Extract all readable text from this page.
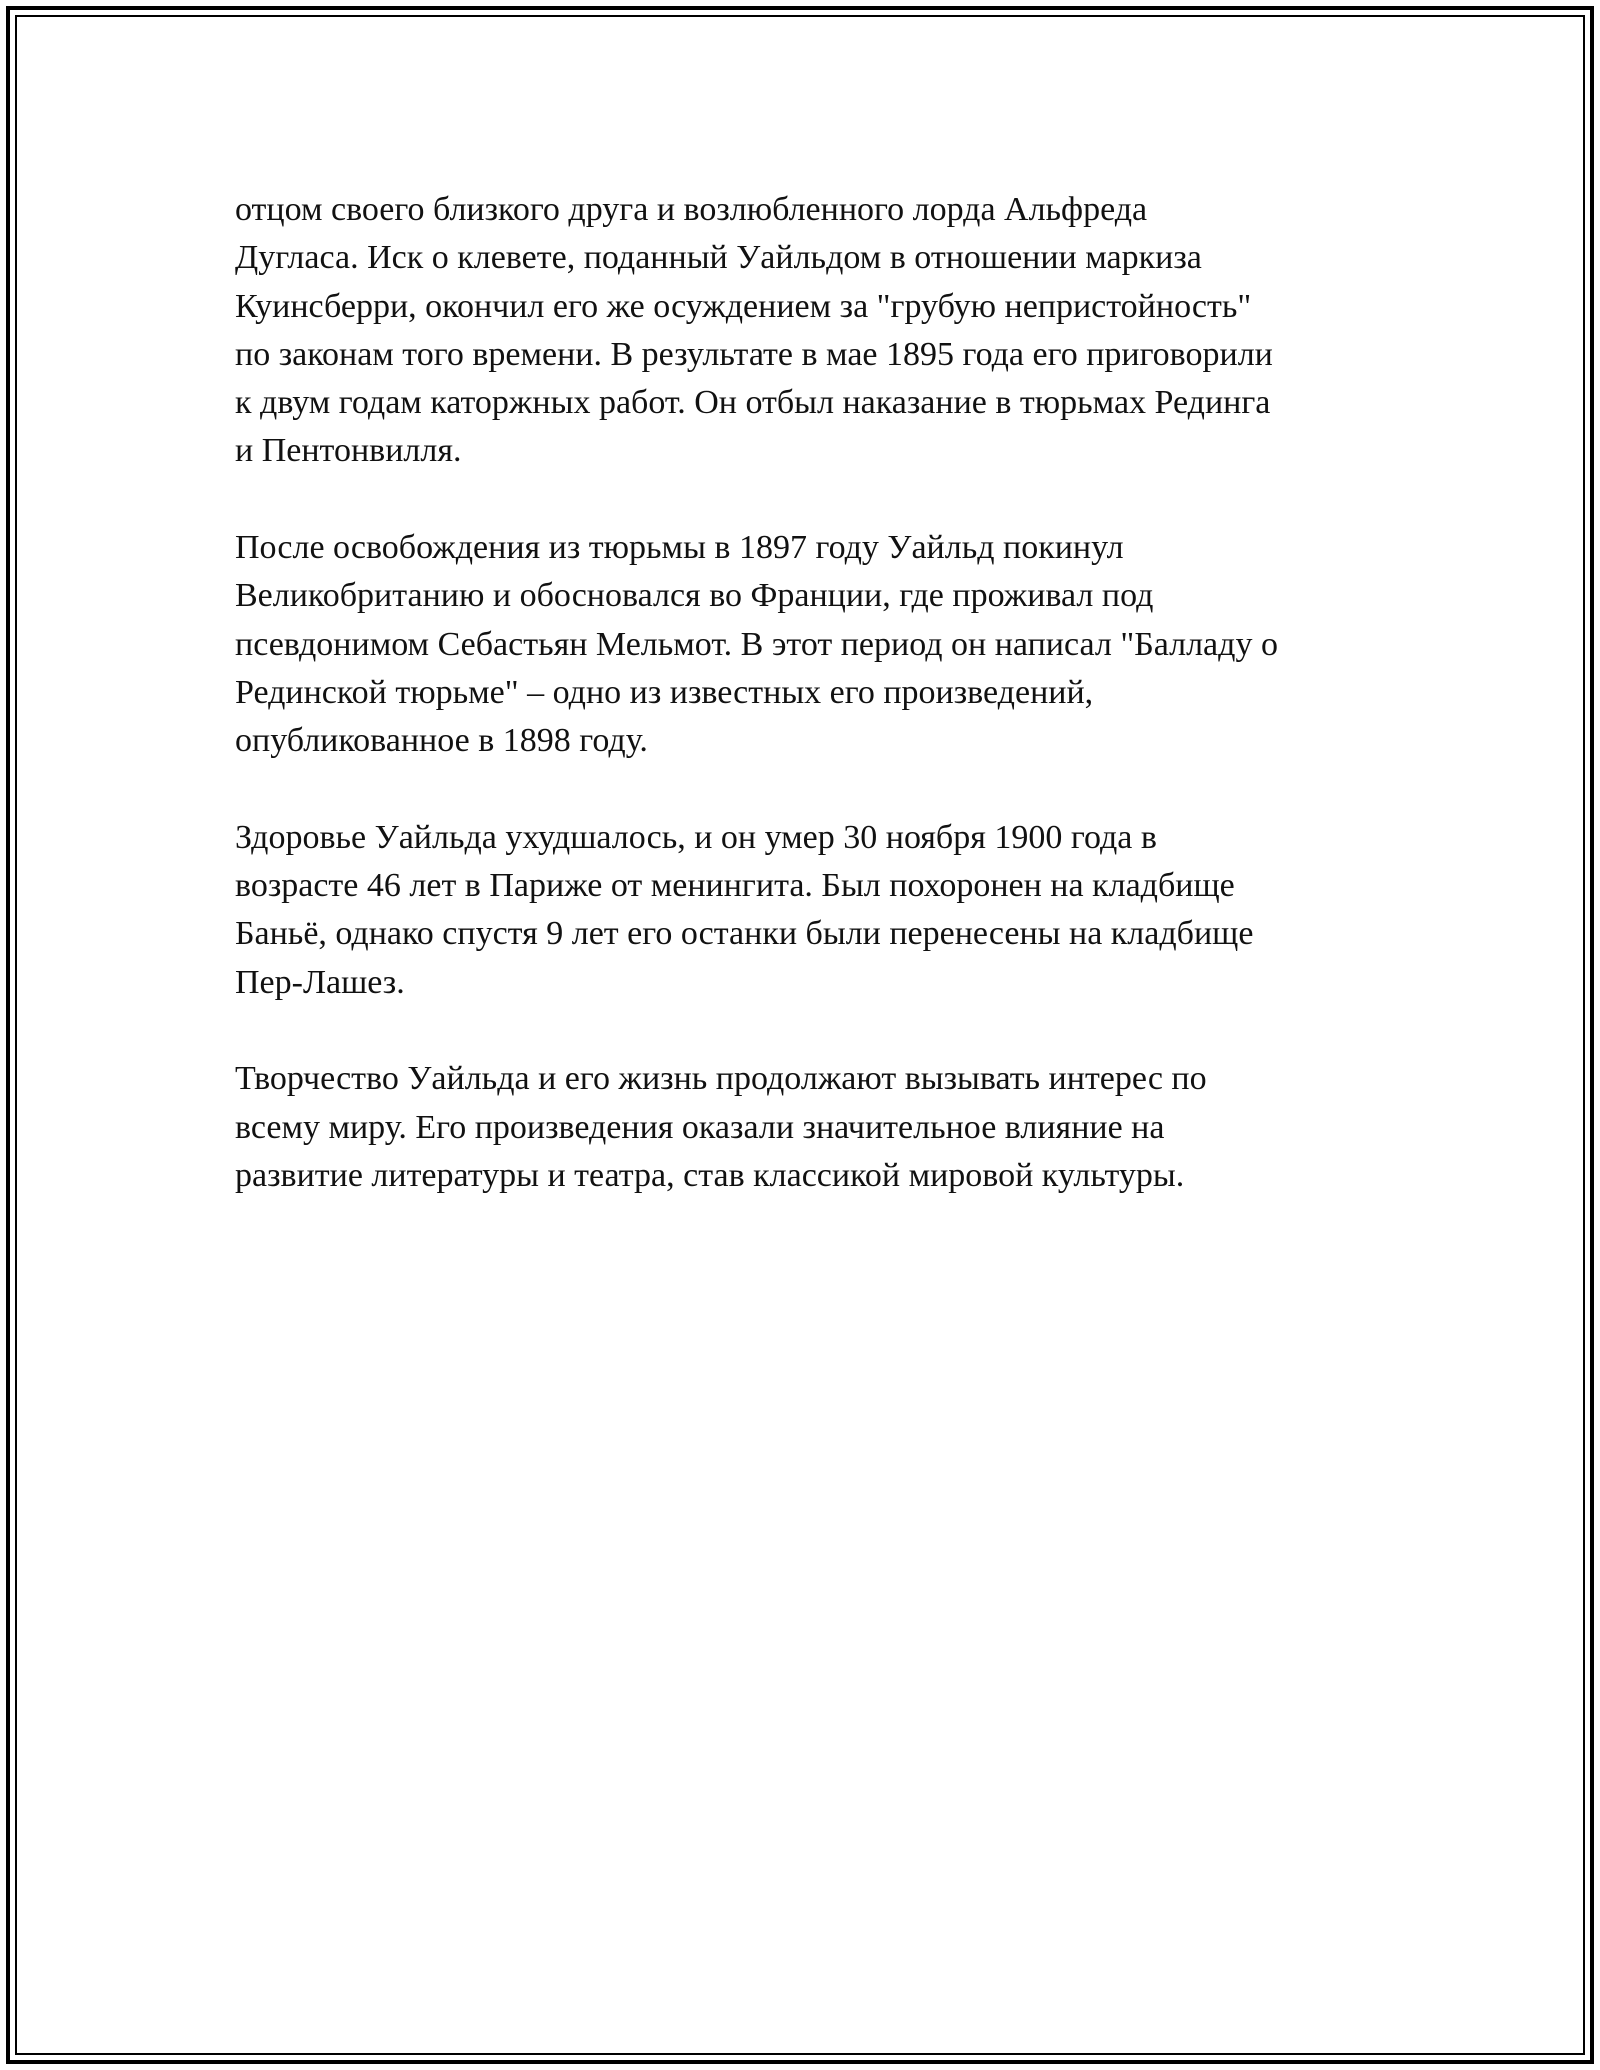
отцом своего близкого друга и возлюбленного лорда Альфреда
Дугласа. Иск о клевете, поданный Уайльдом в отношении маркиза
Куинсберри, окончил его же осуждением за "грубую непристойность"
по законам того времени. В результате в мае 1895 года его приговорили
к двум годам каторжных работ. Он отбыл наказание в тюрьмах Рединга
и Пентонвилля.

После освобождения из тюрьмы в 1897 году Уайльд покинул
Великобританию и обосновался во Франции, где проживал под
псевдонимом Себастьян Мельмот. В этот период он написал "Балладу о
Рединской тюрьме" – одно из известных его произведений,
опубликованное в 1898 году.

Здоровье Уайльда ухудшалось, и он умер 30 ноября 1900 года в
возрасте 46 лет в Париже от менингита. Был похоронен на кладбище
Баньё, однако спустя 9 лет его останки были перенесены на кладбище
Пер-Лашез.

Творчество Уайльда и его жизнь продолжают вызывать интерес по
всему миру. Его произведения оказали значительное влияние на
развитие литературы и театра, став классикой мировой культуры.
